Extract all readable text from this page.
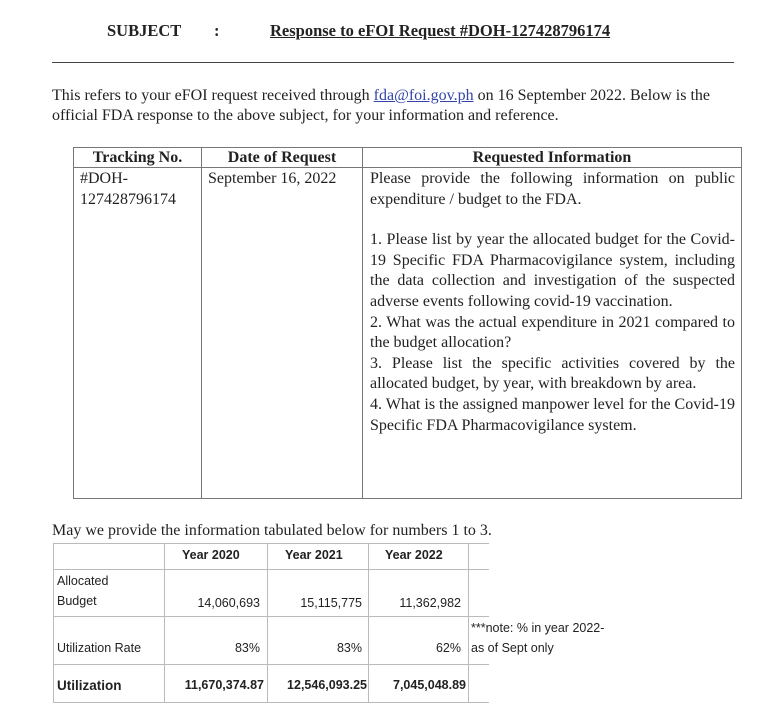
SUBJECT :	Response to eFOI Request #DOH-127428796174
This refers to your eFOI request received through fda@foi.gov.ph on 16 September 2022. Below is the official FDA response to the above subject, for your information and reference.
Tracking No.	Date of Request	Requested Information
#DOH-
127428796174
September 16, 2022	Please provide the following information on public expenditure / budget to the FDA.

1. Please list by year the allocated budget for the Covid-19 Specific FDA Pharmacovigilance system, including the data collection and investigation of the suspected adverse events following covid-19 vaccination.

2. What was the actual expenditure in 2021 compared to the budget allocation?

3. Please list the specific activities covered by the allocated budget, by year, with breakdown by area.

4. What is the assigned manpower level for the Covid-19 Specific FDA Pharmacovigilance system.

May we provide the information tabulated below for numbers 1 to 3.
Year 2020	Year 2021	Year 2022
Allocated
Budget	14,060,693	15,115,775	11,362,982
Utilization Rate	83%	83%	62%
***note: % in year 2022-
as of Sept only
Utilization	11,670,374.87 12,546,093.25 7,045,048.89
